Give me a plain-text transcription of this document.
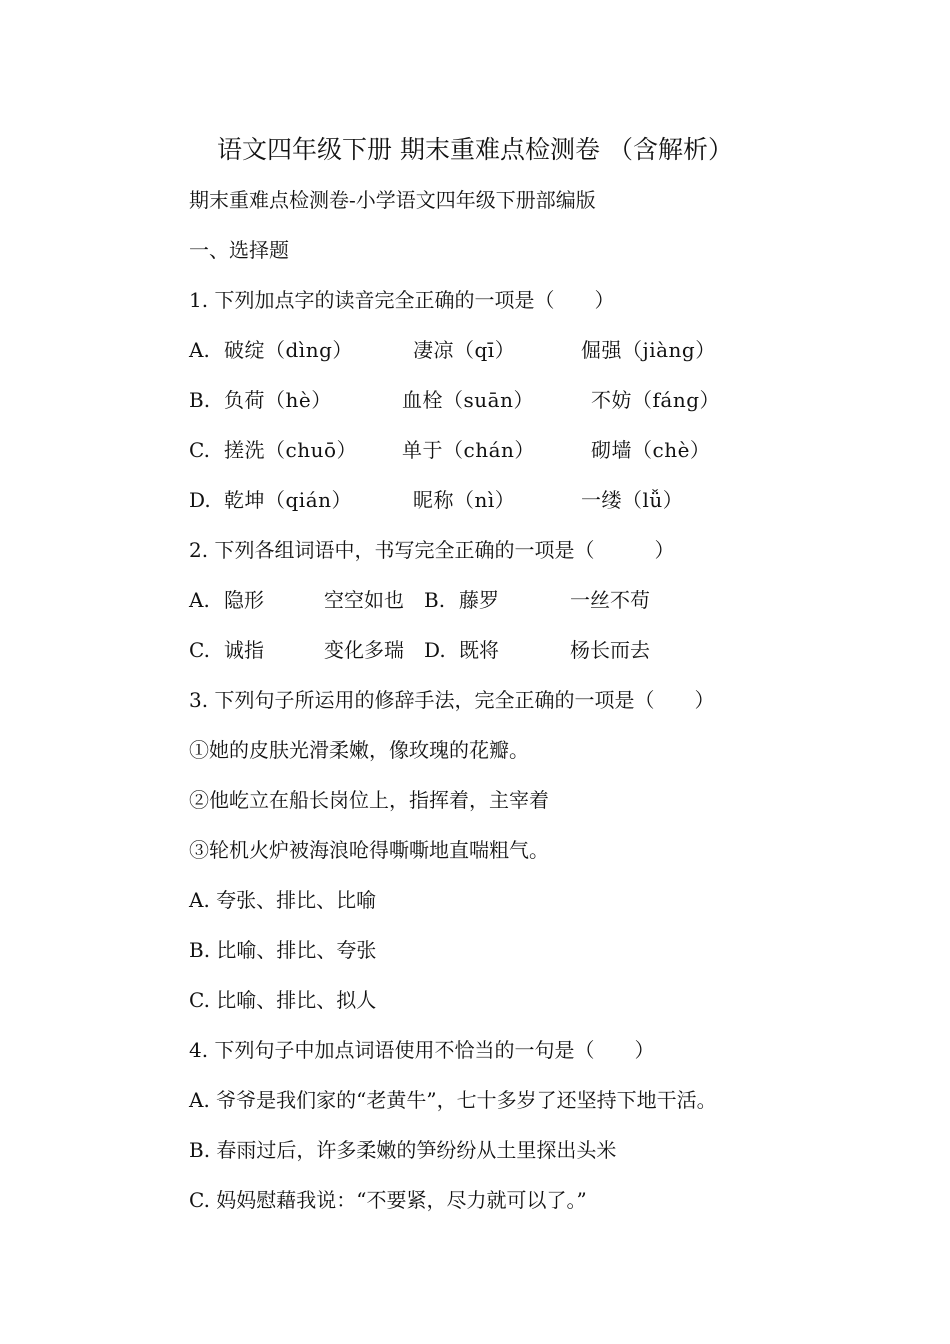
语文四年级下册 期末重难点检测卷 （含解析）
期末重难点检测卷-小学语文四年级下册部编版
一、选择题
1. 下列加点字的读音完全正确的一项是（　　）
A. 破绽（dìng）	凄凉（qī）	倔强（jiàng）
B. 负荷（hè）	血栓（suān）	不妨（fáng）
C. 搓洗（chuō） 单于（chán）	砌墙（chè）
D. 乾坤（qián）	昵称（nì）	一缕（lǚ）
2. 下列各组词语中，书写完全正确的一项是（　　　）
A. 隐形	空空如也 B. 藤罗	一丝不苟
C. 诚指	变化多瑞 D. 既将	杨长而去
3. 下列句子所运用的修辞手法，完全正确的一项是（　　）
①她的皮肤光滑柔嫩，像玫瑰的花瓣。
②他屹立在船长岗位上，指挥着，主宰着
③轮机火炉被海浪呛得嘶嘶地直喘粗气。
A. 夸张、排比、比喻
B. 比喻、排比、夸张
C. 比喻、排比、拟人
4. 下列句子中加点词语使用不恰当的一句是（　　）
A. 爷爷是我们家的“老黄牛”，七十多岁了还坚持下地干活。
B. 春雨过后，许多柔嫩的笋纷纷从土里探出头米
C. 妈妈慰藉我说：“不要紧，尽力就可以了。”
